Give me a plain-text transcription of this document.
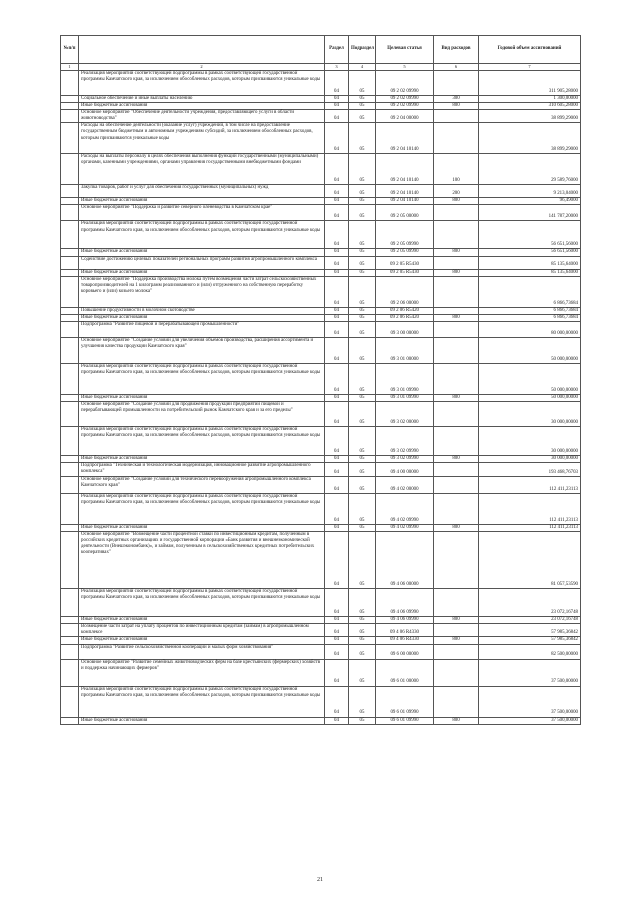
№п/п		Раздел	Подраздел	Целевая статья	Вид расходов	Годовой объем ассигнований
1	2	3	4	5	6	7
	Реализация мероприятий соответствующей подпрограммы в рамках соответствующей государственной программы Камчатского края, за исключением обособленных расходов, которым присваиваются уникальные коды	04	05	09 2 02 09990		311 905,28000
	Социальное обеспечение и иные выплаты населению	04	05	09 2 02 09990	300	1 300,00000
	Иные бюджетные ассигнования	04	05	09 2 02 09990	800	310 605,28000
	Основное мероприятие "Обеспечение деятельности учреждения, предоставляющего услуги в области животноводства"	04	05	09 2 04 00000		38 899,29000
	Расходы на обеспечение деятельности (оказание услуг) учреждений, в том числе на предоставление государственным бюджетным и автономным учреждениям субсидий, за исключением обособленных расходов, которым присваиваются уникальные коды	04	05	09 2 04 10140		38 899,29000
	Расходы на выплаты персоналу в целях обеспечения выполнения функций государственными (муниципальными) органами, казенными учреждениями, органами управления государственными внебюджетными фондами	04	05	09 2 04 10140	100	29 589,76000
	Закупка товаров, работ и услуг для обеспечения государственных (муниципальных) нужд	04	05	09 2 04 10140	200	9 213,04000
	Иные бюджетные ассигнования	04	05	09 2 04 10140	800	96,49000
	Основное мероприятие "Поддержка и развитие северного оленеводства в Камчатском крае"	04	05	09 2 05 00000		141 787,20000
	Реализация мероприятий соответствующей подпрограммы в рамках соответствующей государственной программы Камчатского края, за исключением обособленных расходов, которым присваиваются уникальные коды	04	05	09 2 05 09990		56 651,56000
	Иные бюджетные ассигнования	04	05	09 2 05 09990	800	56 651,56000
	Содействие достижению целевых показателей региональных программ развития агропромышленного комплекса	04	05	09 2 05 R5430		85 135,64000
	Иные бюджетные ассигнования	04	05	09 2 05 R5430	800	85 135,64000
	Основное мероприятие "Поддержка производства молока путем возмещения части затрат сельскохозяйственных товаропроизводителей на 1 килограмм реализованного и (или) отгруженного на собственную переработку коровьего и (или) козьего молока"	04	05	09 2 06 00000		6 866,73684
	Повышение продуктивности в молочном скотоводстве	04	05	09 2 06 R5420		6 866,73684
	Иные бюджетные ассигнования	04	05	09 2 06 R5420	800	6 866,73684
	Подпрограмма "Развитие пищевой и перерабатывающей промышленности"	04	05	09 3 00 00000		80 000,00000
	Основное мероприятие "Создание условий для увеличения объемов производства, расширения ассортимента и улучшения качества продукции Камчатского края"	04	05	09 3 01 00000		50 000,00000
	Реализация мероприятий соответствующей подпрограммы в рамках соответствующей государственной программы Камчатского края, за исключением обособленных расходов, которым присваиваются уникальные коды	04	05	09 3 01 09990		50 000,00000
	Иные бюджетные ассигнования	04	05	09 3 01 09990	800	50 000,00000
	Основное мероприятие "Создание условий для продвижения продукции предприятий пищевой и перерабатывающей промышленности на потребительский рынок Камчатского края и за его пределы"	04	05	09 3 02 00000		30 000,00000
	Реализация мероприятий соответствующей подпрограммы в рамках соответствующей государственной программы Камчатского края, за исключением обособленных расходов, которым присваиваются уникальные коды	04	05	09 3 02 09990		30 000,00000
	Иные бюджетные ассигнования	04	05	09 3 02 09990	800	30 000,00000
	Подпрограмма "Техническая и технологическая модернизация, инновационное развитие агропромышленного комплекса"	04	05	09 4 00 00000		193 468,76703
	Основное мероприятие "Создание условий для технического перевооружения агропромышленного комплекса Камчатского края"	04	05	09 4 02 00000		112 411,23113
	Реализация мероприятий соответствующей подпрограммы в рамках соответствующей государственной программы Камчатского края, за исключением обособленных расходов, которым присваиваются уникальные коды	04	05	09 4 02 09990		112 411,23113
	Иные бюджетные ассигнования	04	05	09 4 02 09990	800	112 411,23113
	Основное мероприятие "Возмещение части процентной ставки по инвестиционным кредитам, полученным в российских кредитных организациях и государственной корпорации «Банк развития и внешнеэкономической деятельности (Внешэкономбанк)», и займам, полученным в сельскохозяйственных кредитных потребительских кооперативах"	04	05	09 4 06 00000		81 057,53590
	Реализация мероприятий соответствующей подпрограммы в рамках соответствующей государственной программы Камчатского края, за исключением обособленных расходов, которым присваиваются уникальные коды	04	05	09 4 06 09990		23 072,16748
	Иные бюджетные ассигнования	04	05	09 4 06 09990	800	23 072,16748
	Возмещение части затрат на уплату процентов по инвестиционным кредитам (займам) в агропромышленном комплексе	04	05	09 4 06 R4330		57 985,36842
	Иные бюджетные ассигнования	04	05	09 4 06 R4330	800	57 985,36842
	Подпрограмма "Развитие сельскохозяйственной кооперации и малых форм хозяйствования"	04	05	09 6 00 00000		82 500,00000
	Основное мероприятие "Развитие семейных животноводческих ферм на базе крестьянских (фермерских) хозяйств и поддержка начинающих фермеров"	04	05	09 6 01 00000		37 500,00000
	Реализация мероприятий соответствующей подпрограммы в рамках соответствующей государственной программы Камчатского края, за исключением обособленных расходов, которым присваиваются уникальные коды	04	05	09 6 01 09990		37 500,00000
	Иные бюджетные ассигнования	04	05	09 6 01 09990	800	37 500,00000
21
